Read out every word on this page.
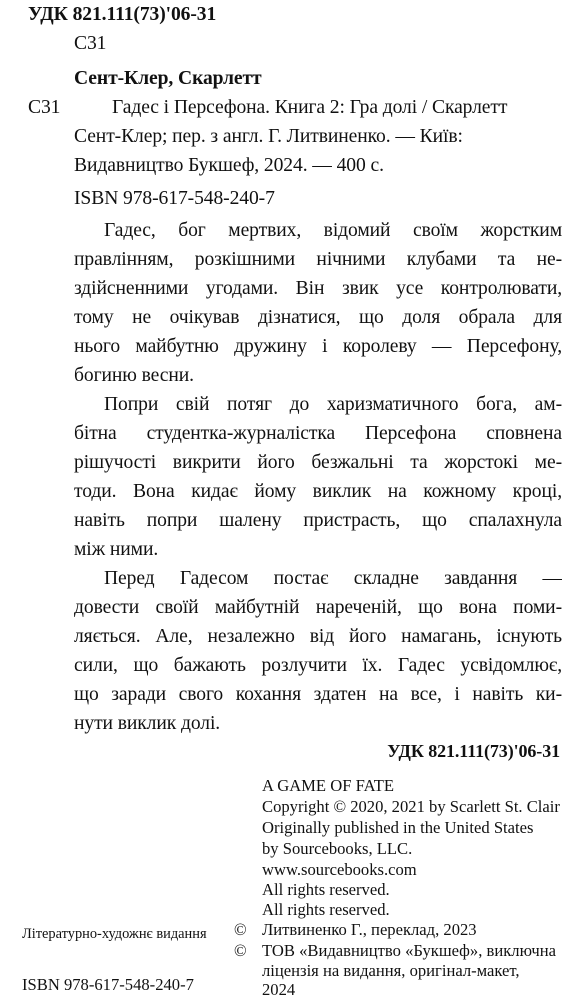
УДК 821.111(73)'06-31
С31
Сент-Клер, Скарлетт
С31	Гадес і Персефона. Книга 2: Гра долі / Скарлетт
Сент-Клер; пер. з англ. Г. Литвиненко. — Київ:
Видавництво Букшеф, 2024. — 400 с.
ISBN 978-617-548-240-7
Гадес, бог мертвих, відомий своїм жорстким
правлінням, розкішними нічними клубами та не-
здійсненними угодами. Він звик усе контролювати,
тому не очікував дізнатися, що доля обрала для
нього майбутню дружину і королеву — Персефону,
богиню весни.
Попри свій потяг до харизматичного бога, ам-
бітна студентка-журналістка Персефона сповнена
рішучості викрити його безжальні та жорстокі ме-
тоди. Вона кидає йому виклик на кожному кроці,
навіть попри шалену пристрасть, що спалахнула
між ними.
Перед Гадесом постає складне завдання —
довести своїй майбутній нареченій, що вона поми-
ляється. Але, незалежно від його намагань, існують
сили, що бажають розлучити їх. Гадес усвідомлює,
що заради свого кохання здатен на все, і навіть ки-
нути виклик долі.
УДК 821.111(73)'06-31
A GAME OF FATE
Copyright © 2020, 2021 by Scarlett St. Clair
Originally published in the United States
by Sourcebooks, LLC.
www.sourcebooks.com
All rights reserved.
All rights reserved.
© Литвиненко Г., переклад, 2023
© ТОВ «Видавництво «Букшеф», виключна
ліцензія на видання, оригінал-макет,
2024
Літературно-художнє видання
ISBN 978-617-548-240-7
